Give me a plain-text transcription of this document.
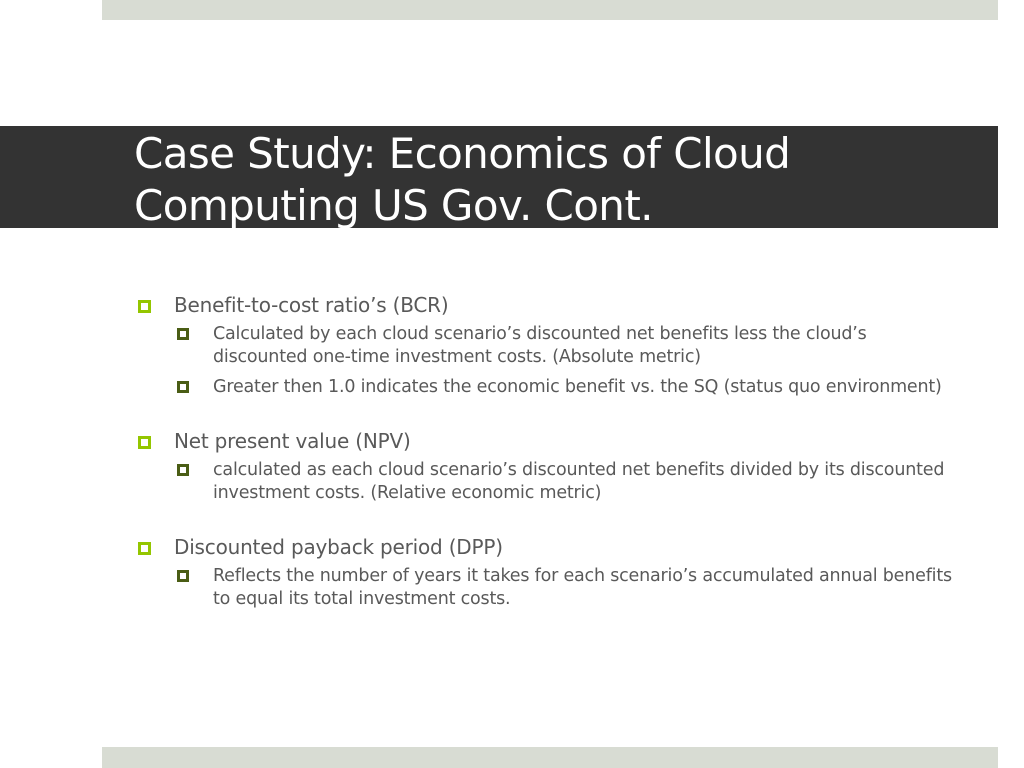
Case Study: Economics of Cloud
Computing US Gov. Cont.
Benefit-to-cost ratio’s (BCR)
Calculated by each cloud scenario’s discounted net benefits less the cloud’s discounted one-time investment costs. (Absolute metric)
Greater then 1.0 indicates the economic benefit vs. the SQ (status quo environment)
Net present value (NPV)
calculated as each cloud scenario’s discounted net benefits divided by its discounted investment costs. (Relative economic metric)
Discounted payback period (DPP)
Reflects the number of years it takes for each scenario’s accumulated annual benefits to equal its total investment costs.
